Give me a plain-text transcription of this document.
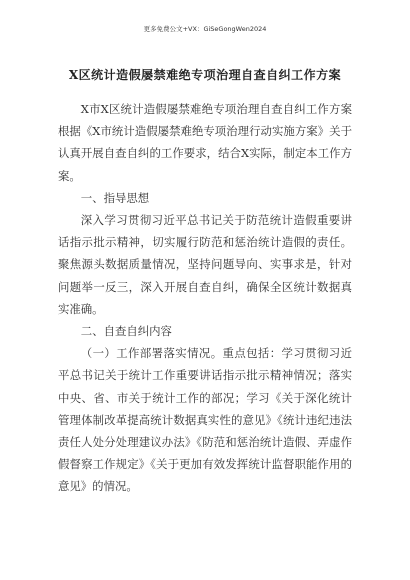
更多免费公文+VX：GiSeGongWen2024
X区统计造假屡禁难绝专项治理自查自纠工作方案

X市X区统计造假屡禁难绝专项治理自查自纠工作方案根据《X市统计造假屡禁难绝专项治理行动实施方案》关于认真开展自查自纠的工作要求，结合X实际，制定本工作方案。

一、指导思想

深入学习贯彻习近平总书记关于防范统计造假重要讲话指示批示精神，切实履行防范和惩治统计造假的责任。聚焦源头数据质量情况，坚持问题导向、实事求是，针对问题举一反三，深入开展自查自纠，确保全区统计数据真实准确。

二、自查自纠内容

（一）工作部署落实情况。重点包括：学习贯彻习近平总书记关于统计工作重要讲话指示批示精神情况；落实中央、省、市关于统计工作的部况；学习《关于深化统计管理体制改革提高统计数据真实性的意见》《统计违纪违法责任人处分处理建议办法》《防范和惩治统计造假、弄虚作假督察工作规定》《关于更加有效发挥统计监督职能作用的意见》的情况。
